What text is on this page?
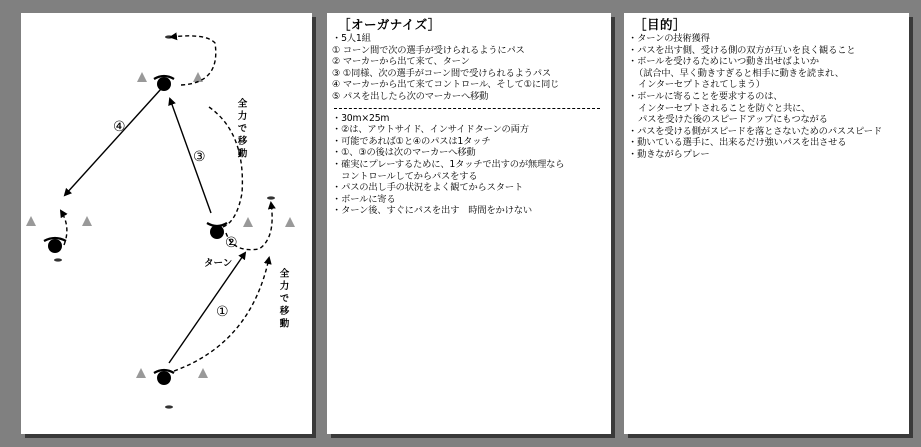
④
③
②
①
ターン
全力で移動
全力で移動
［オーガナイズ］
・5人1組
① コーン間で次の選手が受けられるようにパス
② マーカーから出て来て、ターン
③ ①同様、次の選手がコーン間で受けられるようパス
④ マーカーから出て来てコントロール、そして①に同じ
⑤ パスを出したら次のマーカーへ移動
・30m×25m
・②は、アウトサイド、インサイドターンの両方
・可能であれば①と④のパスは1タッチ
・①、③の後は次のマーカーへ移動
・確実にプレーするために、1タッチで出すのが無理なら
　コントロールしてからパスをする
・パスの出し手の状況をよく観てからスタート
・ボールに寄る
・ターン後、すぐにパスを出す　時間をかけない
［目的］
・ターンの技術獲得
・パスを出す側、受ける側の双方が互いを良く観ること
・ボールを受けるためにいつ動き出せばよいか
（試合中、早く動きすぎると相手に動きを読まれ、
インターセプトされてしまう）
・ボールに寄ることを要求するのは、
インターセプトされることを防ぐと共に、
パスを受けた後のスピードアップにもつながる
・パスを受ける側がスピードを落とさないためのパススピード
・動いている選手に、出来るだけ強いパスを出させる
・動きながらプレー
